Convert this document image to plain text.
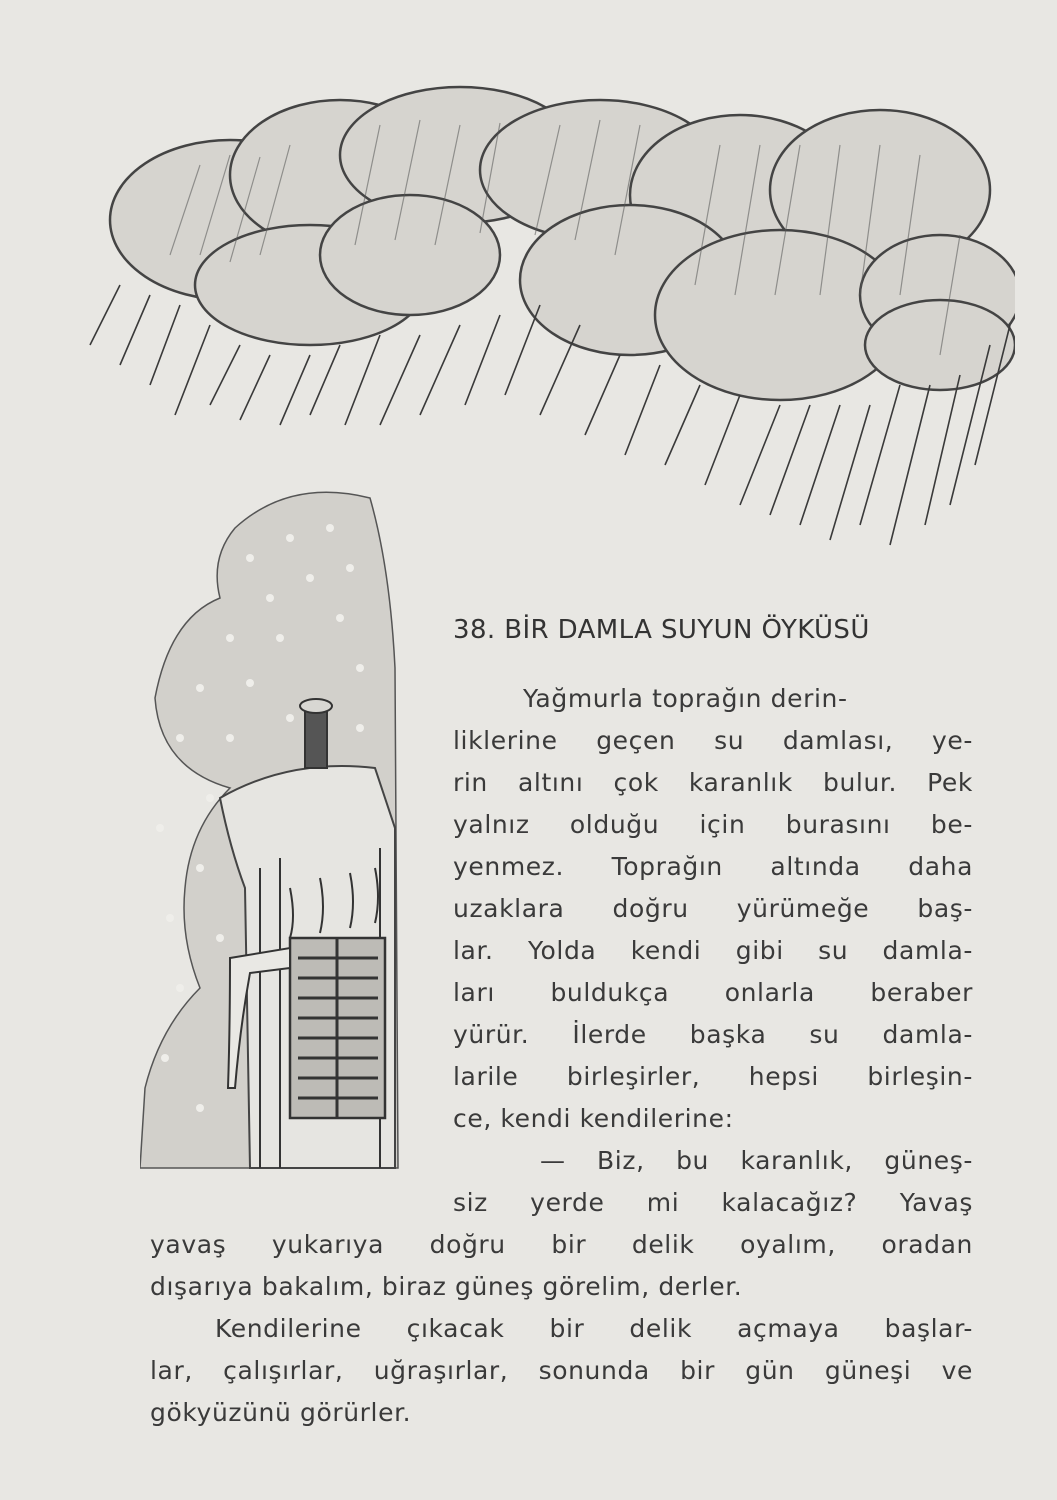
38. BİR DAMLA SUYUN ÖYKÜSÜ
Yağmurla toprağın derin-
liklerine geçen su damlası, ye-
rin altını çok karanlık bulur. Pek
yalnız olduğu için burasını be-
yenmez. Toprağın altında daha
uzaklara doğru yürümeğe baş-
lar. Yolda kendi gibi su damla-
ları buldukça onlarla beraber
yürür. İlerde başka su damla-
larile birleşirler, hepsi birleşin-
ce, kendi kendilerine:
— Biz, bu karanlık, güneş-
siz yerde mi kalacağız? Yavaş
yavaş yukarıya doğru bir delik oyalım, oradan
dışarıya bakalım, biraz güneş görelim, derler.
Kendilerine çıkacak bir delik açmaya başlar-
lar, çalışırlar, uğraşırlar, sonunda bir gün güneşi ve
gökyüzünü görürler.
